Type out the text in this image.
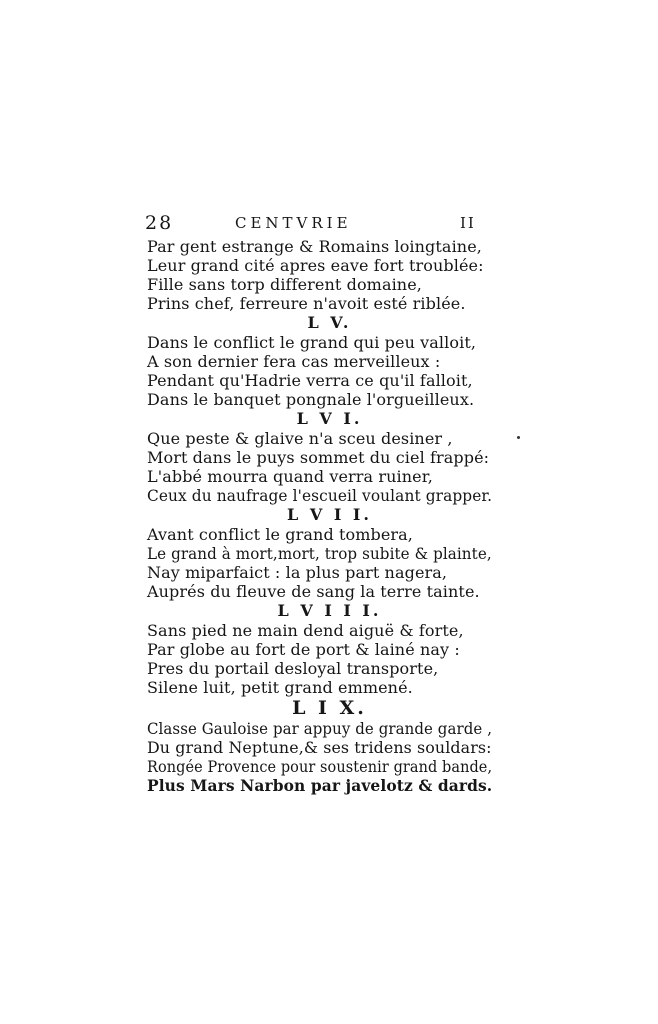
28	CENTVRIE	II
Par gent estrange & Romains loingtaine,
Leur grand cité apres eave fort troublée:
Fille sans torp different domaine,
Prins chef, ferreure n'avoit esté riblée.
L V.
Dans le conflict le grand qui peu valloit,
A son dernier fera cas merveilleux :
Pendant qu'Hadrie verra ce qu'il falloit,
Dans le banquet pongnale l'orgueilleux.
L V I.
Que peste & glaive n'a sceu desiner ,
Mort dans le puys sommet du ciel frappé:
L'abbé mourra quand verra ruiner,
Ceux du naufrage l'escueil voulant grapper.
L V I I.
Avant conflict le grand tombera,
Le grand à mort,mort, trop subite & plainte,
Nay miparfaict : la plus part nagera,
Auprés du fleuve de sang la terre tainte.
L V I I I.
Sans pied ne main dend aiguë & forte,
Par globe au fort de port & lainé nay :
Pres du portail desloyal transporte,
Silene luit, petit grand emmené.
L I X.
Classe Gauloise par appuy de grande garde ,
Du grand Neptune,& ses tridens souldars:
Rongée Provence pour soustenir grand bande,
Plus Mars Narbon par javelotz & dards.
